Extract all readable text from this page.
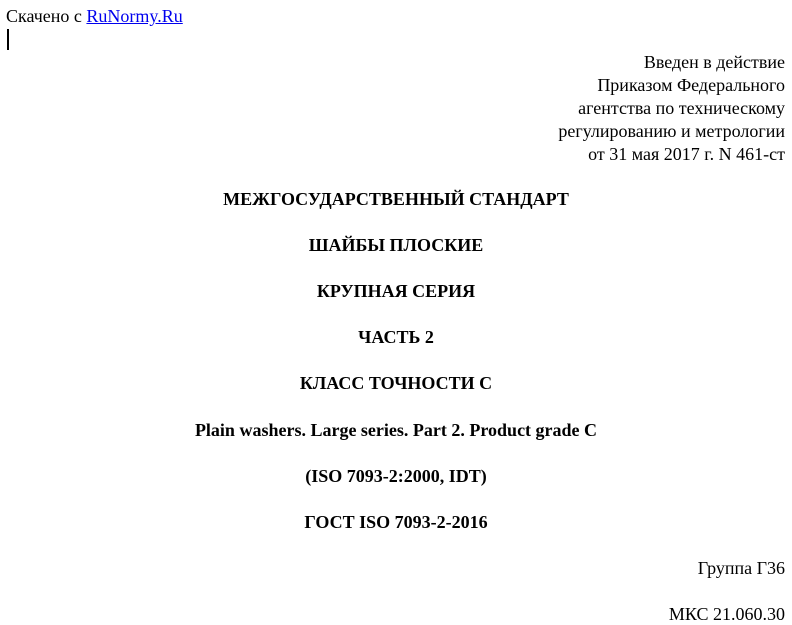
Скачено с RuNormy.Ru
Введен в действие
Приказом Федерального
агентства по техническому
регулированию и метрологии
от 31 мая 2017 г. N 461-ст
МЕЖГОСУДАРСТВЕННЫЙ СТАНДАРТ
ШАЙБЫ ПЛОСКИЕ
КРУПНАЯ СЕРИЯ
ЧАСТЬ 2
КЛАСС ТОЧНОСТИ C
Plain washers. Large series. Part 2. Product grade C
(ISO 7093-2:2000, IDT)
ГОСТ ISO 7093-2-2016
Группа Г36
МКС 21.060.30
